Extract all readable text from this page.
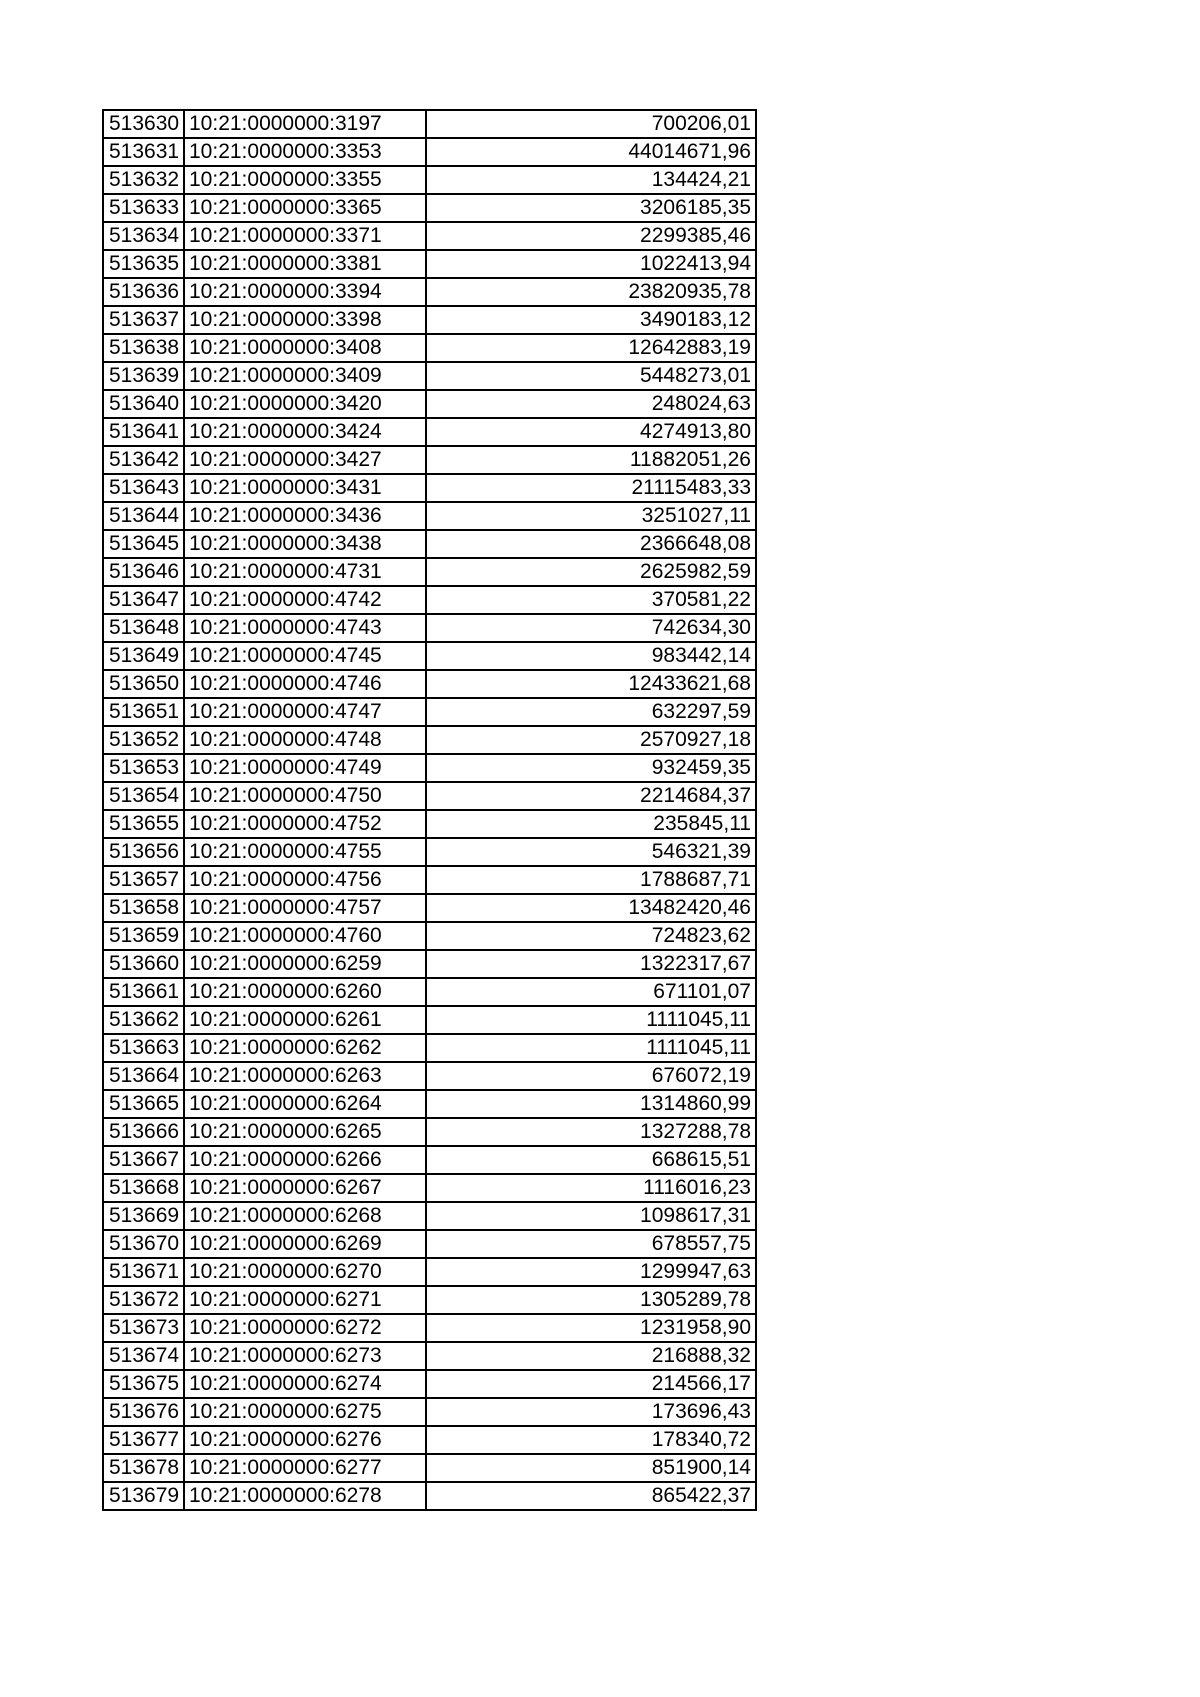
513630	10:21:0000000:3197	700206,01
513631	10:21:0000000:3353	44014671,96
513632	10:21:0000000:3355	134424,21
513633	10:21:0000000:3365	3206185,35
513634	10:21:0000000:3371	2299385,46
513635	10:21:0000000:3381	1022413,94
513636	10:21:0000000:3394	23820935,78
513637	10:21:0000000:3398	3490183,12
513638	10:21:0000000:3408	12642883,19
513639	10:21:0000000:3409	5448273,01
513640	10:21:0000000:3420	248024,63
513641	10:21:0000000:3424	4274913,80
513642	10:21:0000000:3427	11882051,26
513643	10:21:0000000:3431	21115483,33
513644	10:21:0000000:3436	3251027,11
513645	10:21:0000000:3438	2366648,08
513646	10:21:0000000:4731	2625982,59
513647	10:21:0000000:4742	370581,22
513648	10:21:0000000:4743	742634,30
513649	10:21:0000000:4745	983442,14
513650	10:21:0000000:4746	12433621,68
513651	10:21:0000000:4747	632297,59
513652	10:21:0000000:4748	2570927,18
513653	10:21:0000000:4749	932459,35
513654	10:21:0000000:4750	2214684,37
513655	10:21:0000000:4752	235845,11
513656	10:21:0000000:4755	546321,39
513657	10:21:0000000:4756	1788687,71
513658	10:21:0000000:4757	13482420,46
513659	10:21:0000000:4760	724823,62
513660	10:21:0000000:6259	1322317,67
513661	10:21:0000000:6260	671101,07
513662	10:21:0000000:6261	1111045,11
513663	10:21:0000000:6262	1111045,11
513664	10:21:0000000:6263	676072,19
513665	10:21:0000000:6264	1314860,99
513666	10:21:0000000:6265	1327288,78
513667	10:21:0000000:6266	668615,51
513668	10:21:0000000:6267	1116016,23
513669	10:21:0000000:6268	1098617,31
513670	10:21:0000000:6269	678557,75
513671	10:21:0000000:6270	1299947,63
513672	10:21:0000000:6271	1305289,78
513673	10:21:0000000:6272	1231958,90
513674	10:21:0000000:6273	216888,32
513675	10:21:0000000:6274	214566,17
513676	10:21:0000000:6275	173696,43
513677	10:21:0000000:6276	178340,72
513678	10:21:0000000:6277	851900,14
513679	10:21:0000000:6278	865422,37
